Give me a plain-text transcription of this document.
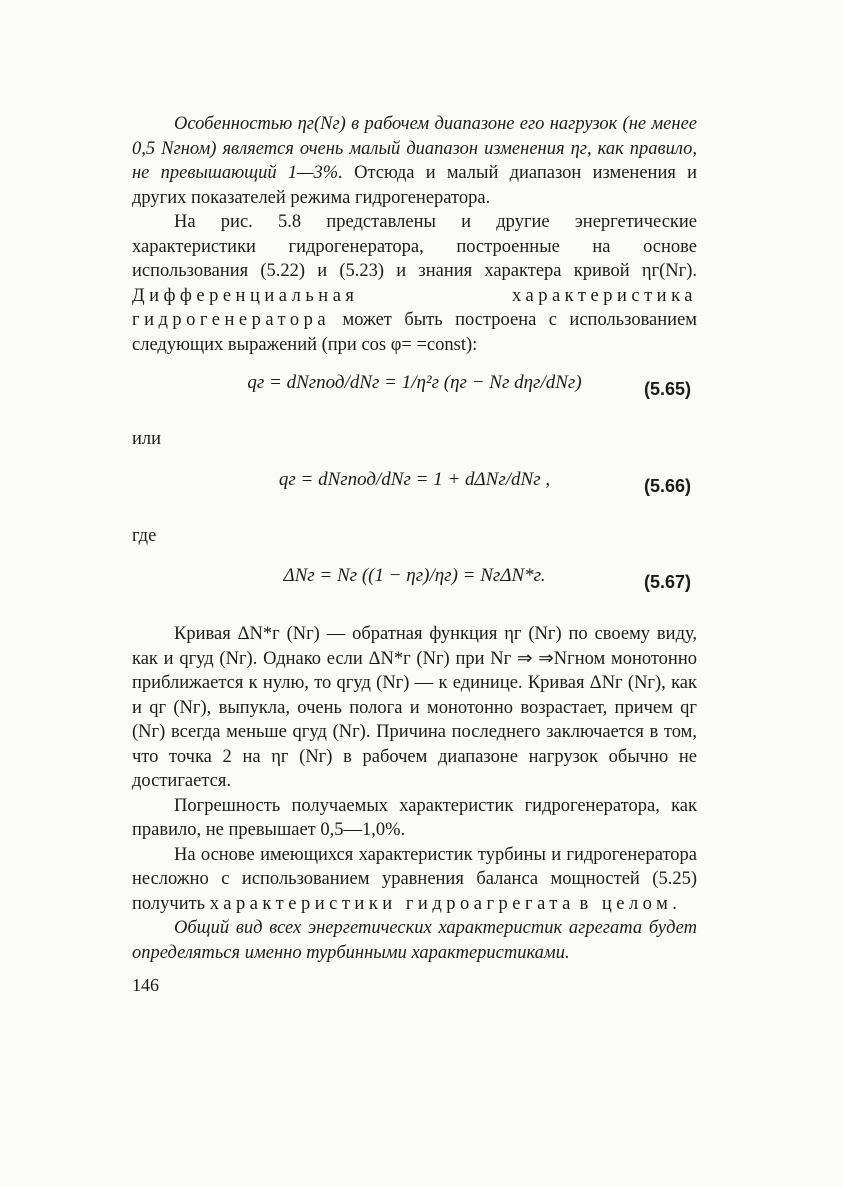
Особенностью ηг(Nг) в рабочем диапазоне его нагрузок (не менее 0,5 Nгном) является очень малый диапазон изменения ηг, как правило, не превышающий 1—3%. Отсюда и малый диапазон изменения и других показателей режима гидрогенератора.

На рис. 5.8 представлены и другие энергетические характеристики гидрогенератора, построенные на основе использования (5.22) и (5.23) и знания характера кривой ηг(Nг). Дифференциальная характеристика гидрогенератора может быть построена с использованием следующих выражений (при cos φ= =const):

qг = dNгпод/dNг = 1/η²г (ηг − Nг dηг/dNг)	(5.65)
или
qг = dNгпод/dNг = 1 + dΔNг/dNг ,	(5.66)
где
ΔNг = Nг ((1 − ηг)/ηг) = NгΔN*г.	(5.67)

Кривая ΔN*г (Nг) — обратная функция ηг (Nг) по своему виду, как и qгуд (Nг). Однако если ΔN*г (Nг) при Nг ⇒ ⇒Nгном монотонно приближается к нулю, то qгуд (Nг) — к единице. Кривая ΔNг (Nг), как и qг (Nг), выпукла, очень полога и монотонно возрастает, причем qг (Nг) всегда меньше qгуд (Nг). Причина последнего заключается в том, что точка 2 на ηг (Nг) в рабочем диапазоне нагрузок обычно не достигается.

Погрешность получаемых характеристик гидрогенератора, как правило, не превышает 0,5—1,0%.

На основе имеющихся характеристик турбины и гидрогенератора несложно с использованием уравнения баланса мощностей (5.25) получить характеристики гидроагрегата в целом.

Общий вид всех энергетических характеристик агрегата будет определяться именно турбинными характеристиками.

146
